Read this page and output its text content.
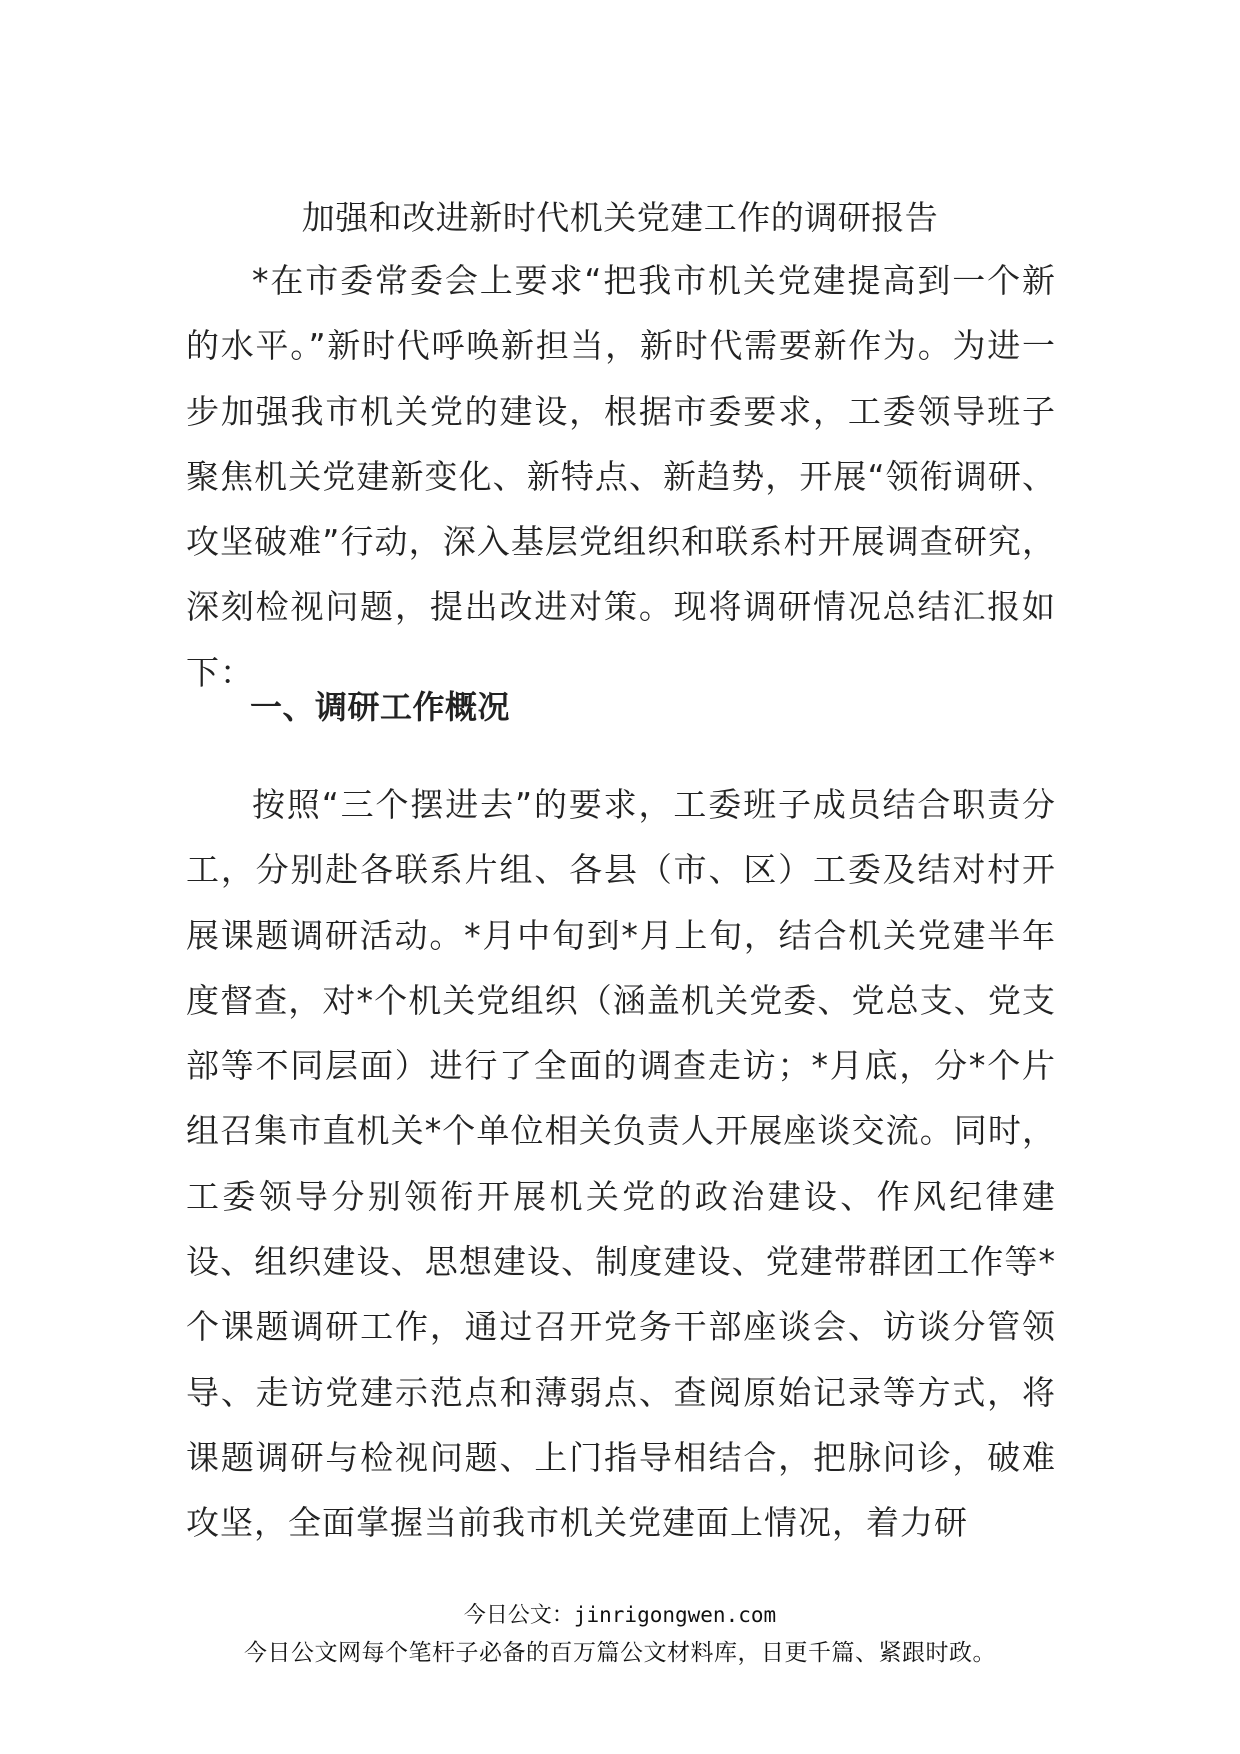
加强和改进新时代机关党建工作的调研报告

*在市委常委会上要求“把我市机关党建提高到一个新的水平。”新时代呼唤新担当，新时代需要新作为。为进一步加强我市机关党的建设，根据市委要求，工委领导班子聚焦机关党建新变化、新特点、新趋势，开展“领衔调研、攻坚破难”行动，深入基层党组织和联系村开展调查研究，深刻检视问题，提出改进对策。现将调研情况总结汇报如下：

一、调研工作概况

按照“三个摆进去”的要求，工委班子成员结合职责分工，分别赴各联系片组、各县（市、区）工委及结对村开展课题调研活动。*月中旬到*月上旬，结合机关党建半年度督查，对*个机关党组织（涵盖机关党委、党总支、党支部等不同层面）进行了全面的调查走访；*月底，分*个片组召集市直机关*个单位相关负责人开展座谈交流。同时，工委领导分别领衔开展机关党的政治建设、作风纪律建设、组织建设、思想建设、制度建设、党建带群团工作等*个课题调研工作，通过召开党务干部座谈会、访谈分管领导、走访党建示范点和薄弱点、查阅原始记录等方式，将课题调研与检视问题、上门指导相结合，把脉问诊，破难攻坚，全面掌握当前我市机关党建面上情况，着力研

今日公文：jinrigongwen.com
今日公文网每个笔杆子必备的百万篇公文材料库，日更千篇、紧跟时政。
